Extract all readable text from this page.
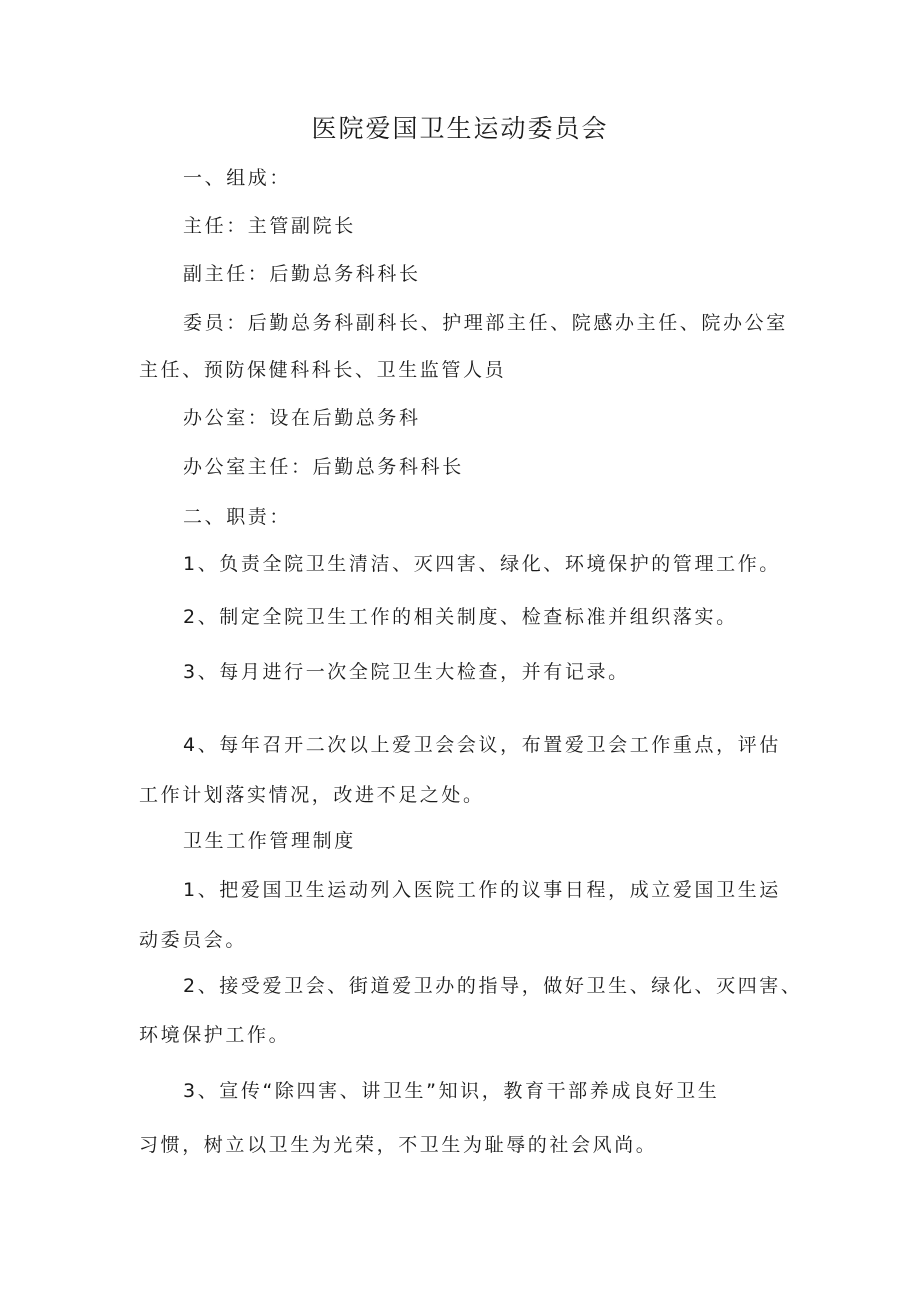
医院爱国卫生运动委员会
一、组成：
主任：主管副院长
副主任：后勤总务科科长
委员：后勤总务科副科长、护理部主任、院感办主任、院办公室
主任、预防保健科科长、卫生监管人员
办公室：设在后勤总务科
办公室主任：后勤总务科科长
二、职责：
1、负责全院卫生清洁、灭四害、绿化、环境保护的管理工作。
2、制定全院卫生工作的相关制度、检查标准并组织落实。
3、每月进行一次全院卫生大检查，并有记录。
4、每年召开二次以上爱卫会会议，布置爱卫会工作重点，评估
工作计划落实情况，改进不足之处。
卫生工作管理制度
1、把爱国卫生运动列入医院工作的议事日程，成立爱国卫生运
动委员会。
2、接受爱卫会、街道爱卫办的指导，做好卫生、绿化、灭四害、
环境保护工作。
3、宣传“除四害、讲卫生”知识，教育干部养成良好卫生
习惯，树立以卫生为光荣，不卫生为耻辱的社会风尚。
